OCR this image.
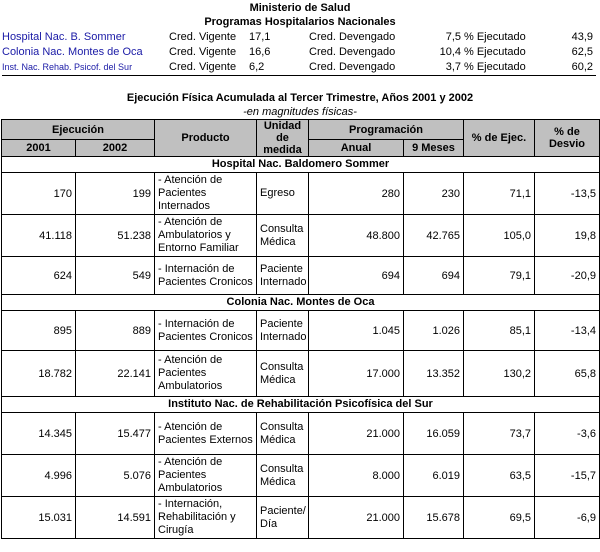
Ministerio de Salud
Programas Hospitalarios Nacionales
Hospital Nac. B. Sommer	Cred. Vigente	17,1	Cred. Devengado	7,5	% Ejecutado	43,9
Colonia Nac. Montes de Oca	Cred. Vigente	16,6	Cred. Devengado	10,4	% Ejecutado	62,5
Inst. Nac. Rehab. Psicof. del Sur	Cred. Vigente	6,2	Cred. Devengado	3,7	% Ejecutado	60,2
Ejecución Física Acumulada al Tercer Trimestre, Años 2001 y 2002
-en magnitudes físicas-
Ejecución		Producto	Unidad de medida	Programación		% de Ejec.	% de Desvio
2001	2002			Anual	9 Meses		
Hospital Nac. Baldomero Sommer							
170	199	- Atención de Pacientes Internados	Egreso	280	230	71,1	-13,5
41.118	51.238	- Atención de Ambulatorios y Entorno Familiar	Consulta Médica	48.800	42.765	105,0	19,8
624	549	- Internación de Pacientes Cronicos	Paciente Internado	694	694	79,1	-20,9
Colonia Nac. Montes de Oca							
895	889	- Internación de Pacientes Cronicos	Paciente Internado	1.045	1.026	85,1	-13,4
18.782	22.141	- Atención de Pacientes Ambulatorios	Consulta Médica	17.000	13.352	130,2	65,8
Instituto Nac. de Rehabilitación Psicofísica del Sur							
14.345	15.477	- Atención de Pacientes Externos	Consulta Médica	21.000	16.059	73,7	-3,6
4.996	5.076	- Atención de Pacientes Ambulatorios	Consulta Médica	8.000	6.019	63,5	-15,7
15.031	14.591	- Internación, Rehabilitación y Cirugía	Paciente/ Día	21.000	15.678	69,5	-6,9
